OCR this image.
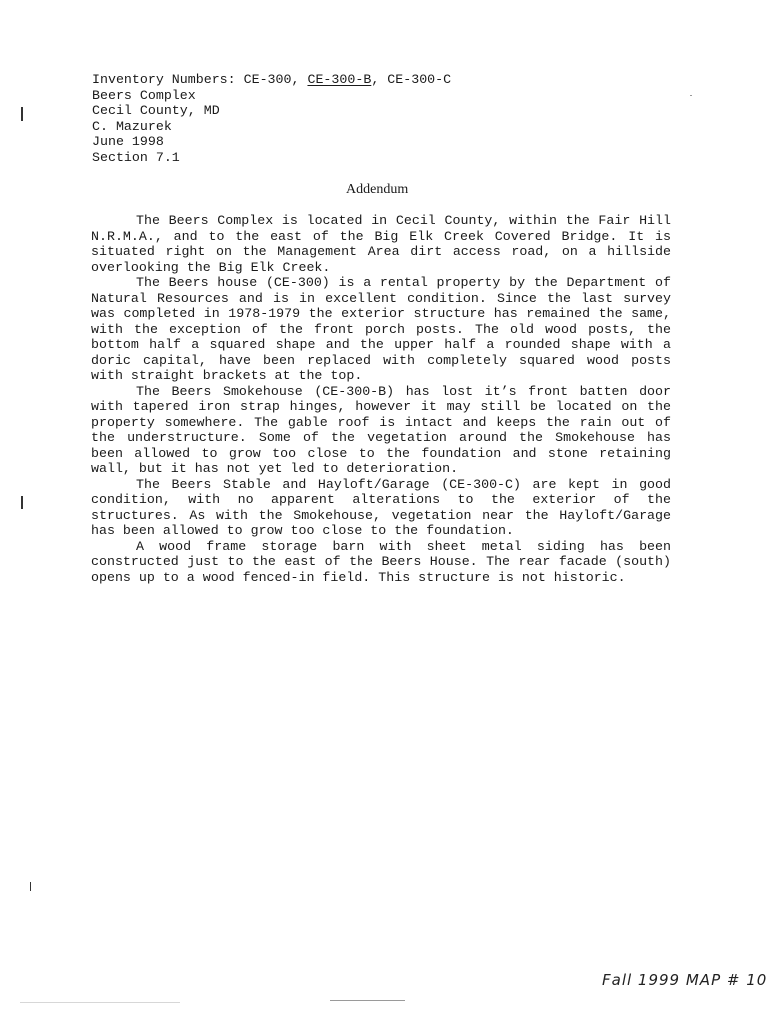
Inventory Numbers: CE-300, CE-300-B, CE-300-C
Beers Complex
Cecil County, MD
C. Mazurek
June 1998
Section 7.1
Addendum

The Beers Complex is located in Cecil County, within the Fair Hill N.R.M.A., and to the east of the Big Elk Creek Covered Bridge. It is situated right on the Management Area dirt access road, on a hillside overlooking the Big Elk Creek.

The Beers house (CE-300) is a rental property by the Department of Natural Resources and is in excellent condition. Since the last survey was completed in 1978-1979 the exterior structure has remained the same, with the exception of the front porch posts. The old wood posts, the bottom half a squared shape and the upper half a rounded shape with a doric capital, have been replaced with completely squared wood posts with straight brackets at the top.

The Beers Smokehouse (CE-300-B) has lost it’s front batten door with tapered iron strap hinges, however it may still be located on the property somewhere. The gable roof is intact and keeps the rain out of the understructure. Some of the vegetation around the Smokehouse has been allowed to grow too close to the foundation and stone retaining wall, but it has not yet led to deterioration.

The Beers Stable and Hayloft/Garage (CE-300-C) are kept in good condition, with no apparent alterations to the exterior of the structures. As with the Smokehouse, vegetation near the Hayloft/Garage has been allowed to grow too close to the foundation.

A wood frame storage barn with sheet metal siding has been constructed just to the east of the Beers House. The rear facade (south) opens up to a wood fenced-in field. This structure is not historic.

Fall 1999 MAP # 10
